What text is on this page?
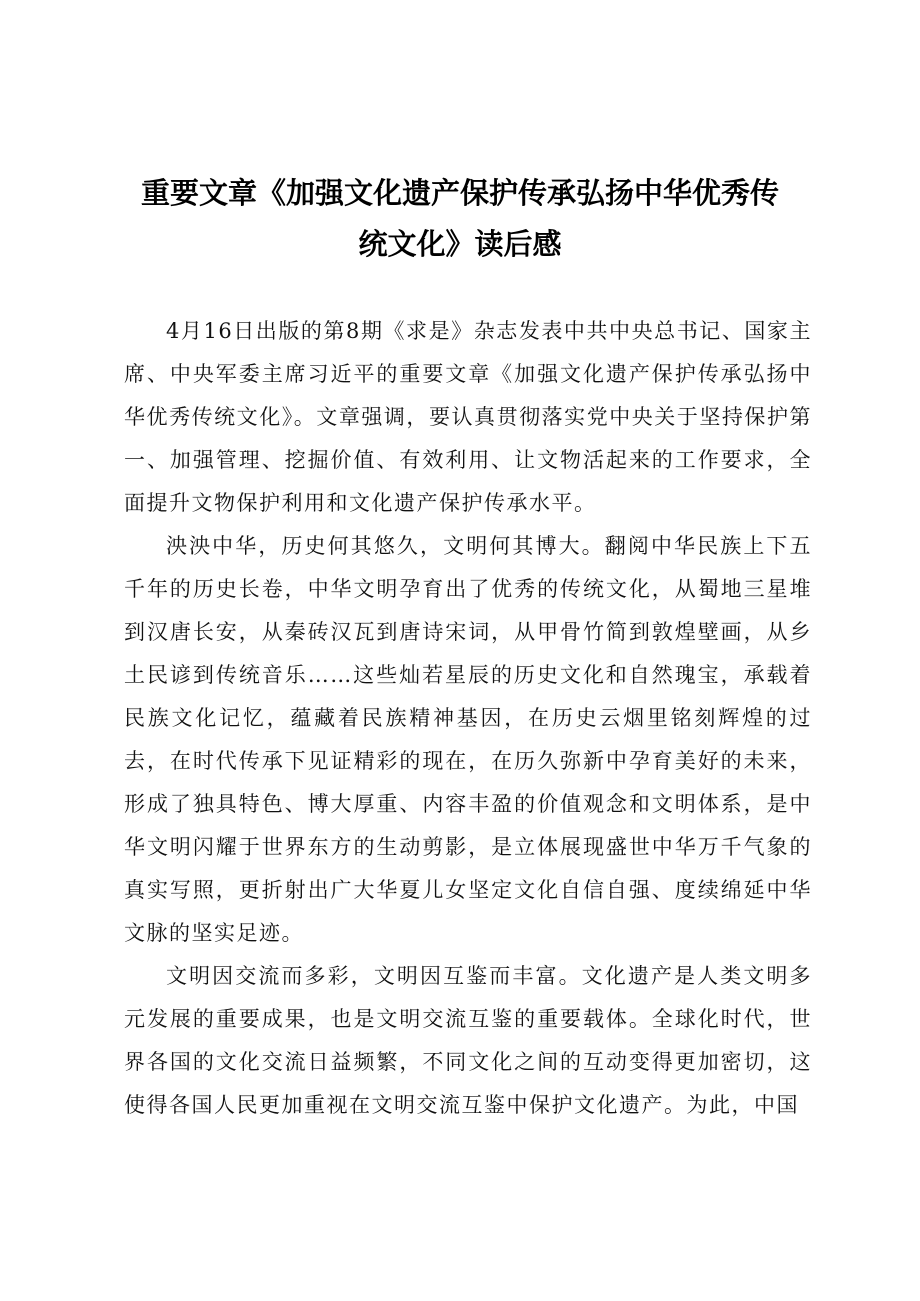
重要文章《加强文化遗产保护传承弘扬中华优秀传统文化》读后感

4月16日出版的第8期《求是》杂志发表中共中央总书记、国家主席、中央军委主席习近平的重要文章《加强文化遗产保护传承弘扬中华优秀传统文化》。文章强调，要认真贯彻落实党中央关于坚持保护第一、加强管理、挖掘价值、有效利用、让文物活起来的工作要求，全面提升文物保护利用和文化遗产保护传承水平。

泱泱中华，历史何其悠久，文明何其博大。翻阅中华民族上下五千年的历史长卷，中华文明孕育出了优秀的传统文化，从蜀地三星堆到汉唐长安，从秦砖汉瓦到唐诗宋词，从甲骨竹简到敦煌壁画，从乡土民谚到传统音乐……这些灿若星辰的历史文化和自然瑰宝，承载着民族文化记忆，蕴藏着民族精神基因，在历史云烟里铭刻辉煌的过去，在时代传承下见证精彩的现在，在历久弥新中孕育美好的未来，形成了独具特色、博大厚重、内容丰盈的价值观念和文明体系，是中华文明闪耀于世界东方的生动剪影，是立体展现盛世中华万千气象的真实写照，更折射出广大华夏儿女坚定文化自信自强、度续绵延中华文脉的坚实足迹。

文明因交流而多彩，文明因互鉴而丰富。文化遗产是人类文明多元发展的重要成果，也是文明交流互鉴的重要载体。全球化时代，世界各国的文化交流日益频繁，不同文化之间的互动变得更加密切，这使得各国人民更加重视在文明交流互鉴中保护文化遗产。为此，中国
